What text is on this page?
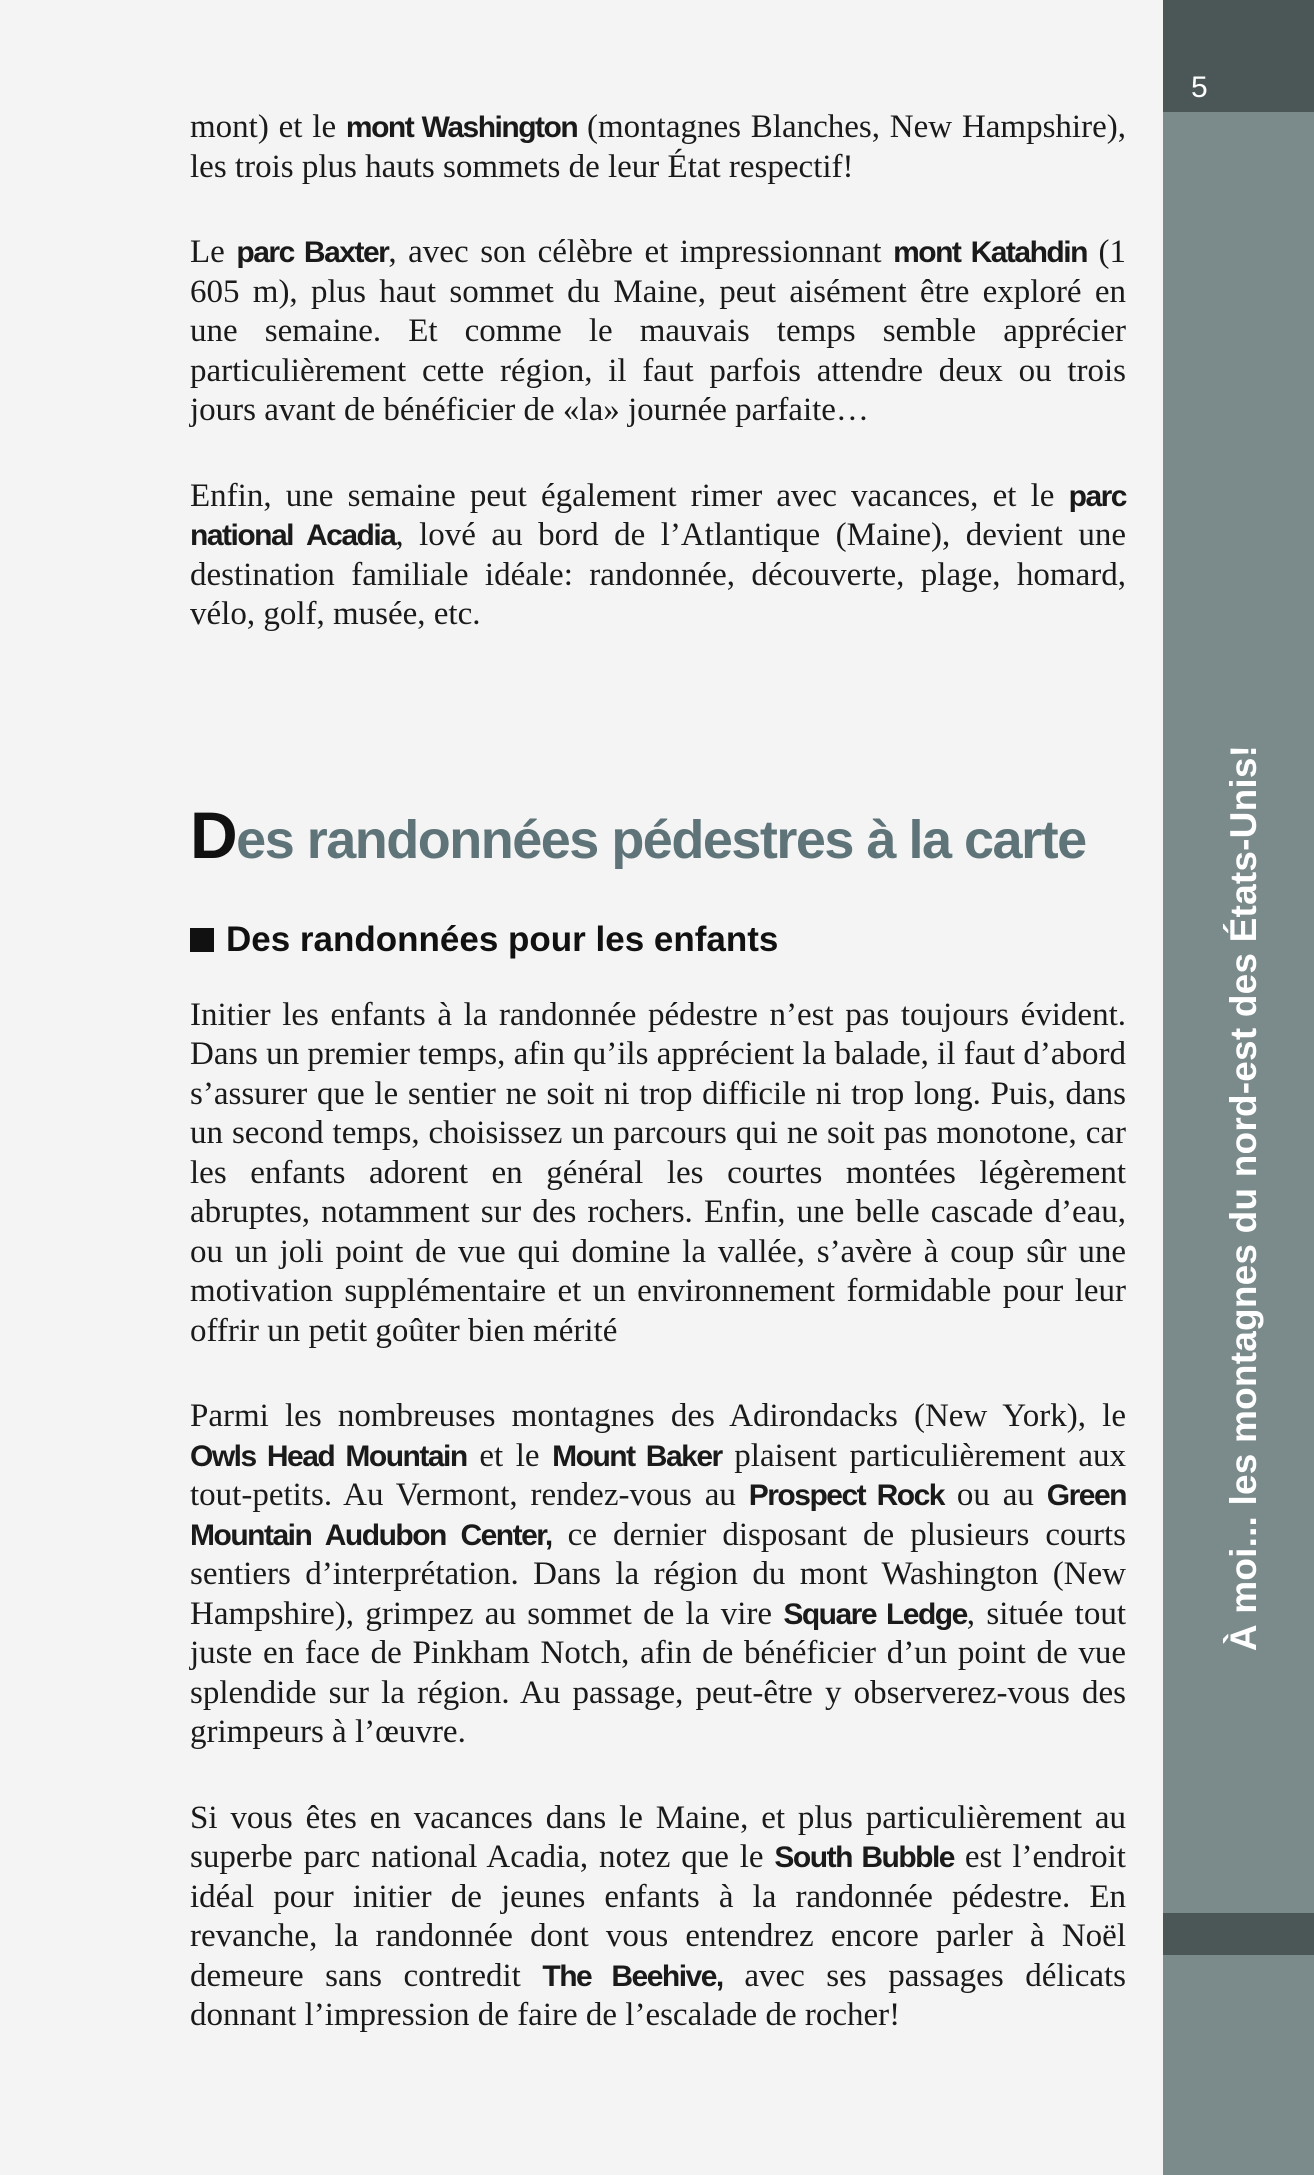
mont) et le mont Washington (montagnes Blanches, New Hampshire), les trois plus hauts sommets de leur État respectif!

Le parc Baxter, avec son célèbre et impressionnant mont Katahdin (1 605 m), plus haut sommet du Maine, peut aisément être exploré en une semaine. Et comme le mauvais temps semble apprécier particulièrement cette région, il faut parfois attendre deux ou trois jours avant de bénéficier de «la» journée parfaite…

Enfin, une semaine peut également rimer avec vacances, et le parc national Acadia, lové au bord de l’Atlantique (Maine), devient une destination familiale idéale: randonnée, découverte, plage, homard, vélo, golf, musée, etc.

Des randonnées pédestres à la carte
Des randonnées pour les enfants

Initier les enfants à la randonnée pédestre n’est pas toujours évident. Dans un premier temps, afin qu’ils apprécient la balade, il faut d’abord s’assurer que le sentier ne soit ni trop difficile ni trop long. Puis, dans un second temps, choisissez un parcours qui ne soit pas monotone, car les enfants adorent en général les courtes montées légèrement abruptes, notamment sur des rochers. Enfin, une belle cascade d’eau, ou un joli point de vue qui domine la vallée, s’avère à coup sûr une motivation supplémentaire et un environnement formidable pour leur offrir un petit goûter bien mérité

Parmi les nombreuses montagnes des Adirondacks (New York), le Owls Head Mountain et le Mount Baker plaisent particulièrement aux tout-petits. Au Vermont, rendez-vous au Prospect Rock ou au Green Mountain Audubon Center, ce dernier disposant de plusieurs courts sentiers d’interprétation. Dans la région du mont Washington (New Hampshire), grimpez au sommet de la vire Square Ledge, située tout juste en face de Pinkham Notch, afin de bénéficier d’un point de vue splendide sur la région. Au passage, peut-être y observerez-vous des grimpeurs à l’œuvre.

Si vous êtes en vacances dans le Maine, et plus particulièrement au superbe parc national Acadia, notez que le South Bubble est l’endroit idéal pour initier de jeunes enfants à la randonnée pédestre. En revanche, la randonnée dont vous entendrez encore parler à Noël demeure sans contredit The Beehive, avec ses passages délicats donnant l’impression de faire de l’escalade de rocher!

5
À moi... les montagnes du nord-est des États-Unis!
